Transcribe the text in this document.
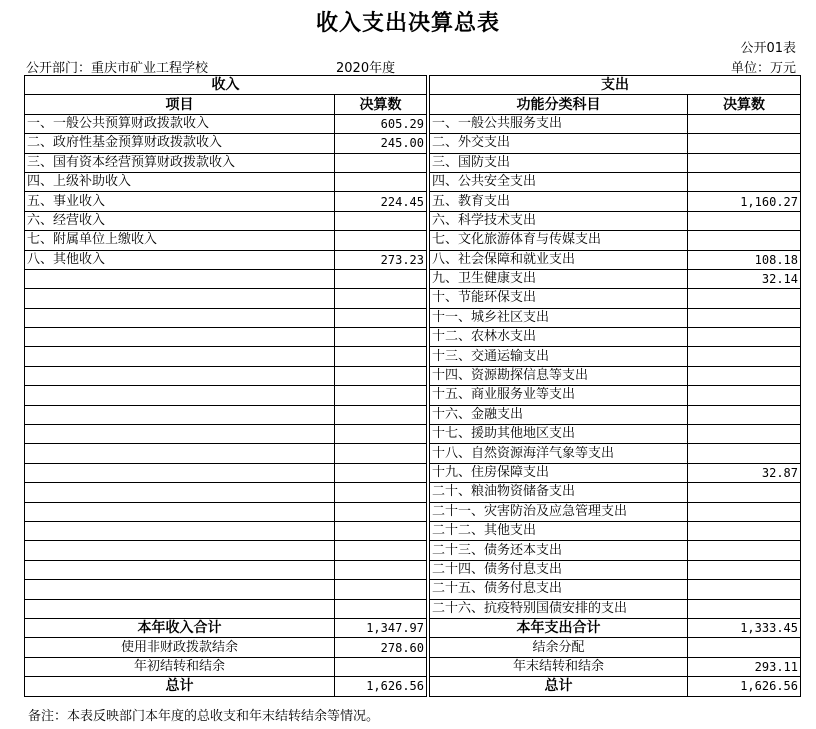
收入支出决算总表
公开01表
公开部门：重庆市矿业工程学校	2020年度	单位：万元
收入			支出	
项目	决算数		功能分类科目	决算数
一、一般公共预算财政拨款收入	605.29		一、一般公共服务支出	
二、政府性基金预算财政拨款收入	245.00		二、外交支出	
三、国有资本经营预算财政拨款收入			三、国防支出	
四、上级补助收入			四、公共安全支出	
五、事业收入	224.45		五、教育支出	1,160.27
六、经营收入			六、科学技术支出	
七、附属单位上缴收入			七、文化旅游体育与传媒支出	
八、其他收入	273.23		八、社会保障和就业支出	108.18
			九、卫生健康支出	32.14
			十、节能环保支出	
			十一、城乡社区支出	
			十二、农林水支出	
			十三、交通运输支出	
			十四、资源勘探信息等支出	
			十五、商业服务业等支出	
			十六、金融支出	
			十七、援助其他地区支出	
			十八、自然资源海洋气象等支出	
			十九、住房保障支出	32.87
			二十、粮油物资储备支出	
			二十一、灾害防治及应急管理支出	
			二十二、其他支出	
			二十三、债务还本支出	
			二十四、债务付息支出	
			二十五、债务付息支出	
			二十六、抗疫特别国债安排的支出	
本年收入合计	1,347.97		本年支出合计	1,333.45
使用非财政拨款结余	278.60		结余分配	
年初结转和结余			年末结转和结余	293.11
总计	1,626.56		总计	1,626.56
备注：本表反映部门本年度的总收支和年末结转结余等情况。
